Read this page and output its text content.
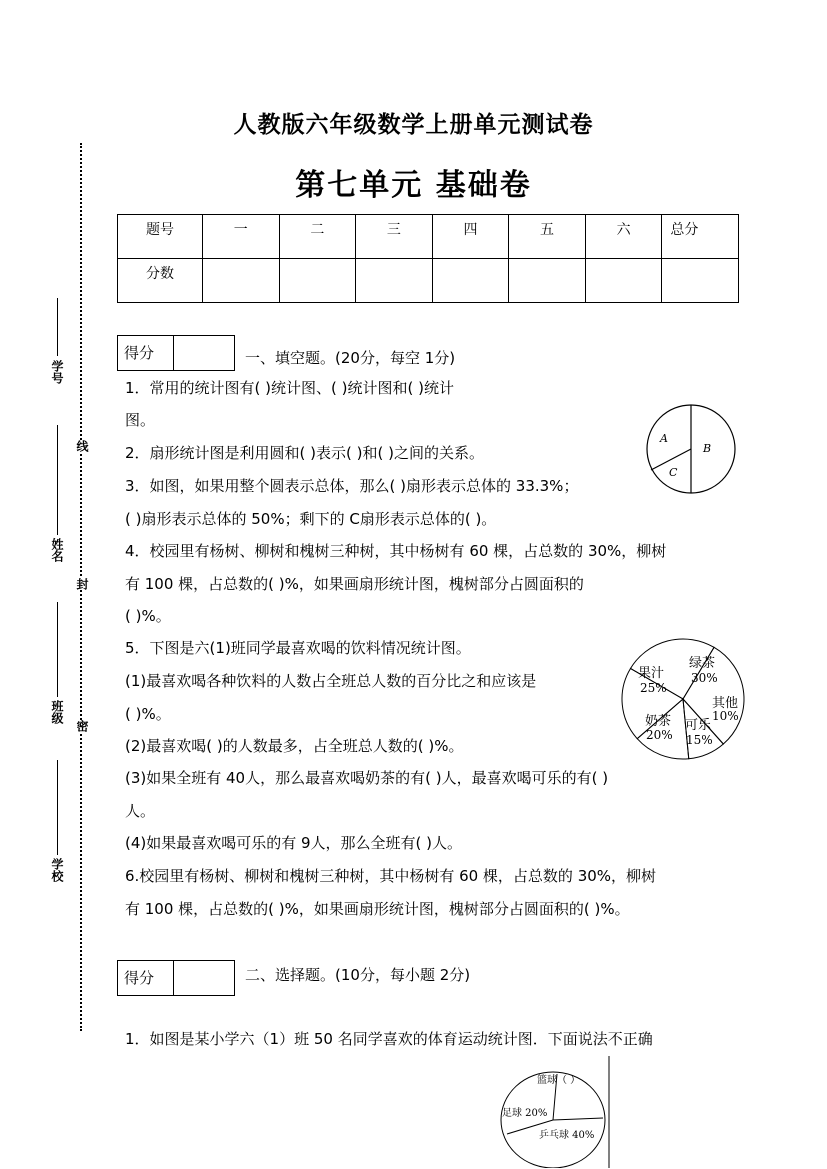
人教版六年级数学上册单元测试卷
第七单元 基础卷
学号
姓名
班级
学校
线
封
密
题号	一	二	三	四	五	六	总分
分数							
得分	一、填空题。(20分，每空 1分)
1．常用的统计图有( )统计图、( )统计图和( )统计
图。
2．扇形统计图是利用圆和( )表示( )和( )之间的关系。
3．如图，如果用整个圆表示总体，那么( )扇形表示总体的 33.3%；
( )扇形表示总体的 50%；剩下的 C扇形表示总体的( )。
4．校园里有杨树、柳树和槐树三种树，其中杨树有 60 棵，占总数的 30%，柳树
有 100 棵，占总数的( )%，如果画扇形统计图，槐树部分占圆面积的
( )%。
5．下图是六(1)班同学最喜欢喝的饮料情况统计图。
(1)最喜欢喝各种饮料的人数占全班总人数的百分比之和应该是
( )%。
(2)最喜欢喝( )的人数最多，占全班总人数的( )%。
(3)如果全班有 40人，那么最喜欢喝奶茶的有( )人，最喜欢喝可乐的有( )
人。
(4)如果最喜欢喝可乐的有 9人，那么全班有( )人。
6.校园里有杨树、柳树和槐树三种树，其中杨树有 60 棵，占总数的 30%，柳树
有 100 棵，占总数的( )%，如果画扇形统计图，槐树部分占圆面积的( )%。
A
B
C
果汁
25%
绿茶
30%
其他
10%
可乐
15%
奶茶
20%
得分	二、选择题。(10分，每小题 2分)
1．如图是某小学六（1）班 50 名同学喜欢的体育运动统计图．下面说法不正确
篮球（ ）
足球 20%
乒乓球 40%
